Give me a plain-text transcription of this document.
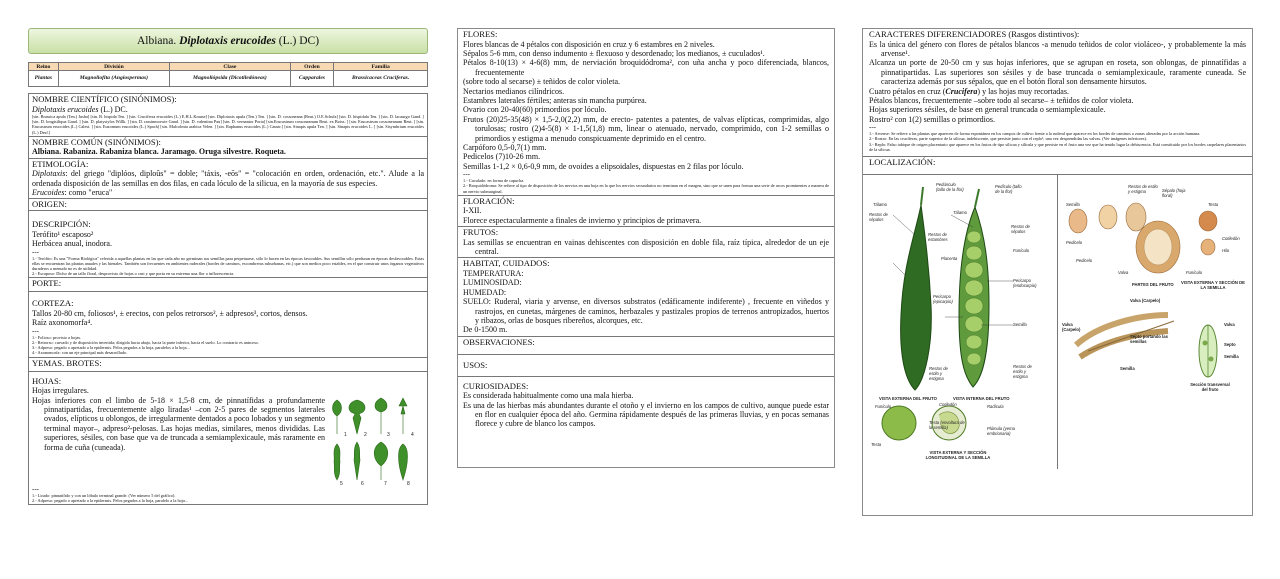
Albiana. Diplotaxis erucoides (L.) DC)
Reino	División	Clase	Orden	Familia
Plantas	Magnoliofita (Angiospermas)	Magnoliópsida (Dicotiledóneas)	Capparales	Brassicaceas Cruciferas.
NOMBRE CIENTÍFICO (SINÓNIMOS):
Diplotaxis erucoides (L.) DC.
[sin. Brassica apula (Ten.) Jusba] [sin. B. hispida Ten. ] [sin. Cruciferra erucoides (L.) E.H.L.Krause] [sin. Diplotaxis apula (Ten.) Ten. ] [sin. D. cossoneana (Reut.) O.E.Schulz] [sin. D. hispidula Ten. ] [sin. D. lacaurgo Gand. ] [sin. D. longisiliqua Gand. ] [sin. D. platystylos Willk. ] [sin. D. rassinmorwie Gand. ] [sin. D. valentina Pau] [sin. D. vernantor Porta] [sin.Erucastrum cossoneanum Reut. ex Boiss. ] [sin. Erucastrum cossoneanum Reut. ] [sin. Erucastrum erucoides (L.) Calest. ] [sin. Euzomum erucoides (L.) Spach] [sin. Malcolmia arabica Velen. ] [sin. Raphanus erucoides (L.) Caustr.] [sin. Sinapis apula Ten. ] [sin. Sinapis erucoides L. ] [sin. Sisymbrium erucoides (L.) Desf.]
NOMBRE COMÚN (SINÓNIMOS):
Albiana. Rabaniza. Rabaniza blanca. Jaramago. Oruga silvestre. Roqueta.
ETIMOLOGÍA:
Diplotaxis: del griego "diplóos, diploûs" = doble; "táxis, -eōs" = "colocación en orden, ordenación, etc.". Alude a la ordenada disposición de las semillas en dos filas, en cada lóculo de la silicua, en la mayoría de sus especies.
Erucoides: como "eruca"
ORIGEN:
DESCRIPCIÓN:
Terófito¹ escaposo²
Herbácea anual, inodora.
---
1.- Terófito: Es una "Forma Biológica" referida a aquellas plantas en las que cada año no germinan sus semillas para perpetuarse, sólo lo hacen en las épocas favorables. Sus semillas sólo perduran en épocas desfavorables. Estas ellas se encuentran las plantas anuales y las bienales. También son frecuentes en ambientes ruderales (bordes de caminos, escombreras ruburbanas, etc.) que son medios poco estables, en el que construir unos órganos vegetativos duraderos a menudo no es de utilidad.
2.- Escaposo: Dicho de un tallo floral, desprovisto de hojas o casi y que porta en su extremo una flor o inflorescencia.
PORTE:
CORTEZA:
Tallos 20-80 cm, foliosos¹, ± erectos, con pelos retrorsos², ± adpresos³, cortos, densos.
Raíz axonomorfa⁴.
---
1.- Folioso: provisto a hojas.
2.- Retrorso: curvado y de disposición invertida; dirigida hacia abajo, hacia la parte inferior, hacia el suelo. Lo contrario es antrorso.
3.- Adpreso: pegado o apretado a la epidermis. Pelos pegados a la hoja, paralelos a la hoja...
4.- Axonomorfa: con un eje principal más desarrollado.
YEMAS. BROTES:
HOJAS:
Hojas irregulares.
Hojas inferiores con el limbo de 5-18 × 1,5-8 cm, de pinnatífidas a profundamente pinnatipartidas, frecuentemente algo liradas¹ –con 2-5 pares de segmentos laterales ovados, elípticos u oblongos, de irregularmente dentados a poco lobados y un segmento terminal mayor–, adpreso²-pelosas. Las hojas medias, similares, menos divididas. Las superiores, sésiles, con base que va de truncada a semiamplexicaule, más raramente en forma de cuña (cuneada).
1	2	3	4
5	6	7	8
---
1.- Lirado: pinnatífido y con un lóbulo terminal grande. (Ver número 5 del gráfico).
2.- Adpreso: pegado o apretado a la epidermis. Pelos pegados a la hoja, paralelo a la hoja...
FLORES:
Flores blancas de 4 pétalos con disposición en cruz y 6 estambres en 2 niveles.
Sépalos 5-6 mm, con denso indumento ± flexuoso y desordenado; los medianos, ± cuculados¹.
Pétalos 8-10(13) × 4-6(8) mm, de nerviación broquidódroma², con uña ancha y poco diferenciada, blancos, frecuentemente
(sobre todo al secarse) ± teñidos de color violeta.
Nectarios medianos cilíndricos.
Estambres laterales fértiles; anteras sin mancha purpúrea.
Ovario con 20-40(60) primordios por lóculo.
Frutos (20)25-35(48) × 1,5-2,0(2,2) mm, de erecto- patentes a patentes, de valvas elípticas, comprimidas, algo torulosas; rostro (2)4-5(8) × 1-1,5(1,8) mm, linear o atenuado, nervado, comprimido, con 1-2 semillas o primordios y estigma a menudo conspicuamente deprimido en el centro.
Carpóforo 0,5-0,7(1) mm.
Pedicelos (7)10-26 mm.
Semillas 1-1,2 × 0,6-0,9 mm, de ovoides a elipsoidales, dispuestas en 2 filas por lóculo.
---
1.- Cuculado: en forma de capucha.
2.- Broquidódroma: Se refiere al tipo de disposición de los nervios en una hoja en la que los nervios secundarios no terminan en el margen, sino que se unen para formar una serie de arcos prominentes a manera de un nervio submarginal.
FLORACIÓN:
I-XII.
Florece espectacularmente a finales de invierno y principios de primavera.
FRUTOS:
Las semillas se encuentran en vainas dehiscentes con disposición en doble fila, raíz típica, alrededor de un eje central.
HABITAT, CUIDADOS:
TEMPERATURA:
LUMINOSIDAD:
HUMEDAD:
SUELO: Ruderal, viaria y arvense, en diversos substratos (edáficamente indiferente) , frecuente en viñedos y rastrojos, en cunetas, márgenes de caminos, herbazales y pastizales propios de terrenos antropizados, huertos y ribazos, orlas de bosques ribereños, alcorques, etc.
De 0-1500 m.
OBSERVACIONES:
USOS:
CURIOSIDADES:
Es considerada habitualmente como una mala hierba.
Es una de las hierbas más abundantes durante el otoño y el invierno en los campos de cultivo, aunque puede estar en flor en cualquier época del año. Germina rápidamente después de las primeras lluvias, y en pocas semanas florece y cubre de blanco los campos.
CARACTERES DIFERENCIADORES (Rasgos distintivos):
Es la única del género con flores de pétalos blancos -a menudo teñidos de color violáceo-, y probablemente la más arvense¹.
Alcanza un porte de 20-50 cm y sus hojas inferiores, que se agrupan en roseta, son oblongas, de pinnatífidas a pinnatipartidas. Las superiores son sésiles y de base truncada o semiamplexicaule, raramente cuneada. Se caracteriza además por sus sépalos, que en el botón floral son densamente hirsutos.
Cuatro pétalos en cruz (Crucifera) y las hojas muy recortadas.
Pétalos blancos, frecuentemente –sobre todo al secarse– ± teñidos de color violeta.
Hojas superiores sésiles, de base en general truncada o semiamplexicaule.
Rostro² con 1(2) semillas o primordios.
---
1.- Arvense: Se refiere a las plantas que aparecen de forma espontánea en los campos de cultivo frente a la ruderal que aparece en los bordes de caminos o zonas alteradas por la acción humana.
2.- Rostro: En las crucíferas, parte superior de la silicua, indehiscente, que persiste junto con el replo³, una vez desprendidas las valvas. (Ver imágenes inferiores).
3.- Replo: Falso tabique de origen placentario que aparece en los frutos de tipo silicua y silícula y que persiste en el fruto una vez que ha tenido lugar la dehiscencia. Está constituido por los bordes carpelares placentarios de la silicua.
LOCALIZACIÓN:
Pedúnculo (tallo de la flor)
Pedículo (tallo de la flor)
Tálamo
Tálamo
Restos de sépalos
Restos de estambres
Restos de sépalos
Funículo
Placenta
Pericarpo (epicarpio)
Pericarpo (endocarpio)
Semilla
Restos de estilo y estigma
Restos de estilo y estigma
VISTA EXTERNA DEL FRUTO	VISTA INTERNA DEL FRUTO
Funículo	Cotiledón	Radícula
Testa (envoltura de la semilla)	Plúmula (yema embrionaria)
Testa
VISTA EXTERNA Y SECCIÓN LONGITUDINAL DE LA SEMILLA
Restos de estilo y estigma	Sépalo (hoja floral)
Testa
Semilla
Pedicelo
Valva
Cotiledón
Hilo
Pedicelo
Funículo
PARTES DEL FRUTO VISTA EXTERNA Y SECCIÓN DE LA SEMILLA
Valva (Carpelo)
Valva (Carpelo)
Septo portando las semillas
Semilla
Valva
Septo
Semilla
Sección transversal del fruto
